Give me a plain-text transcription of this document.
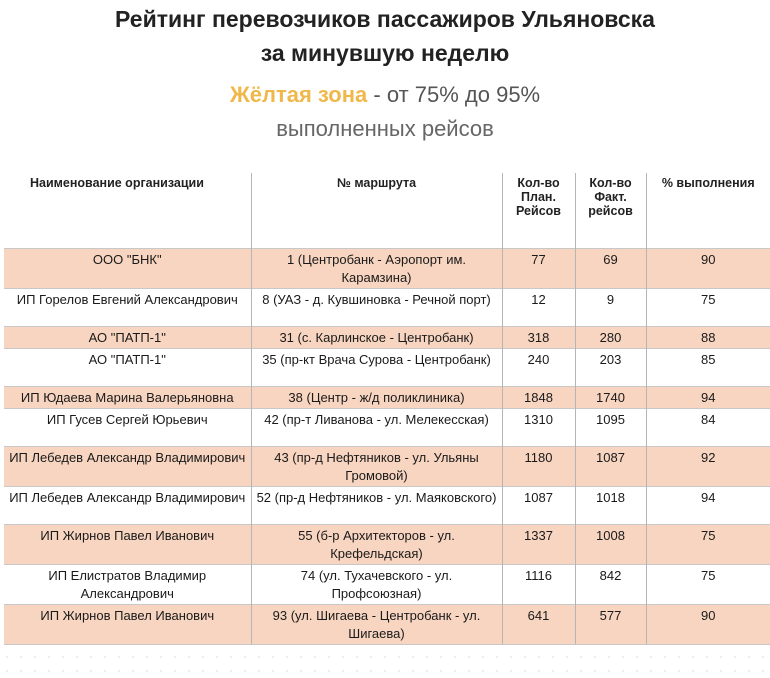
Рейтинг перевозчиков пассажиров Ульяновска
за минувшую неделю

Жёлтая зона - от 75% до 95%

выполненных рейсов

Наименование организации	№ маршрута	Кол-во План. Рейсов	Кол-во Факт. рейсов	% выполнения
ООО "БНК"	1 (Центробанк - Аэропорт им. Карамзина)	77	69	90
ИП Горелов Евгений Александрович	8 (УАЗ - д. Кувшиновка - Речной порт)	12	9	75
АО "ПАТП-1"	31 (с. Карлинское - Центробанк)	318	280	88
АО "ПАТП-1"	35 (пр-кт Врача Сурова - Центробанк)	240	203	85
ИП Юдаева Марина Валерьяновна	38 (Центр - ж/д поликлиника)	1848	1740	94
ИП Гусев Сергей Юрьевич	42 (пр-т Ливанова - ул. Мелекесская)	1310	1095	84
ИП Лебедев Александр Владимирович	43 (пр-д Нефтяников - ул. Ульяны Громовой)	1180	1087	92
ИП Лебедев Александр Владимирович	52 (пр-д Нефтяников - ул. Маяковского)	1087	1018	94
ИП Жирнов Павел Иванович	55 (б-р Архитекторов - ул. Крефельдская)	1337	1008	75
ИП Елистратов Владимир Александрович	74 (ул. Тухачевского - ул. Профсоюзная)	1116	842	75
ИП Жирнов Павел Иванович	93 (ул. Шигаева - Центробанк - ул. Шигаева)	641	577	90
